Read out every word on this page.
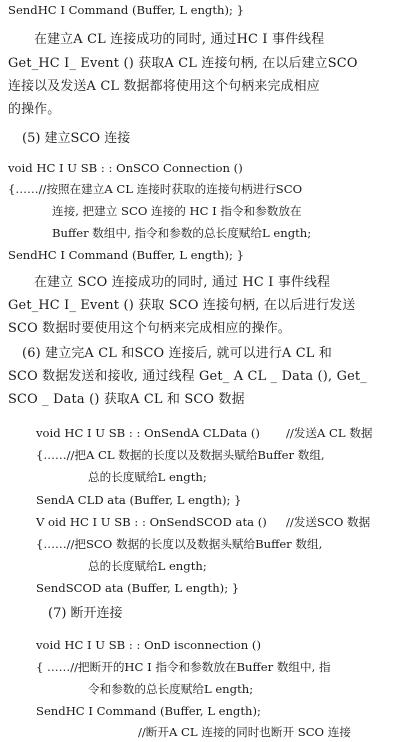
SendHC I Command (Buffer, L ength); }
在建立A CL 连接成功的同时, 通过HC I 事件线程
Get_HC I_ Event () 获取A CL 连接句柄, 在以后建立SCO
连接以及发送A CL 数据都将使用这个句柄来完成相应
的操作。
(5) 建立SCO 连接
void HC I U SB : : OnSCO Connection ()
{……//按照在建立A CL 连接时获取的连接句柄进行SCO
连接, 把建立 SCO 连接的 HC I 指令和参数放在
Buffer 数组中, 指令和参数的总长度赋给L ength;
SendHC I Command (Buffer, L ength); }
在建立 SCO 连接成功的同时, 通过 HC I 事件线程
Get_HC I_ Event () 获取 SCO 连接句柄, 在以后进行发送
SCO 数据时要使用这个句柄来完成相应的操作。
(6) 建立完A CL 和SCO 连接后, 就可以进行A CL 和
SCO 数据发送和接收, 通过线程 Get_ A CL _ Data (), Get_
SCO _ Data () 获取A CL 和 SCO 数据
void HC I U SB : : OnSendA CLData () //发送A CL 数据
{……//把A CL 数据的长度以及数据头赋给Buffer 数组,
总的长度赋给L ength;
SendA CLD ata (Buffer, L ength); }
V oid HC I U SB : : OnSendSCOD ata () //发送SCO 数据
{……//把SCO 数据的长度以及数据头赋给Buffer 数组,
总的长度赋给L ength;
SendSCOD ata (Buffer, L ength); }
(7) 断开连接
void HC I U SB : : OnD isconnection ()
{ ……//把断开的HC I 指令和参数放在Buffer 数组中, 指
令和参数的总长度赋给L ength;
SendHC I Command (Buffer, L ength);
//断开A CL 连接的同时也断开 SCO 连接
